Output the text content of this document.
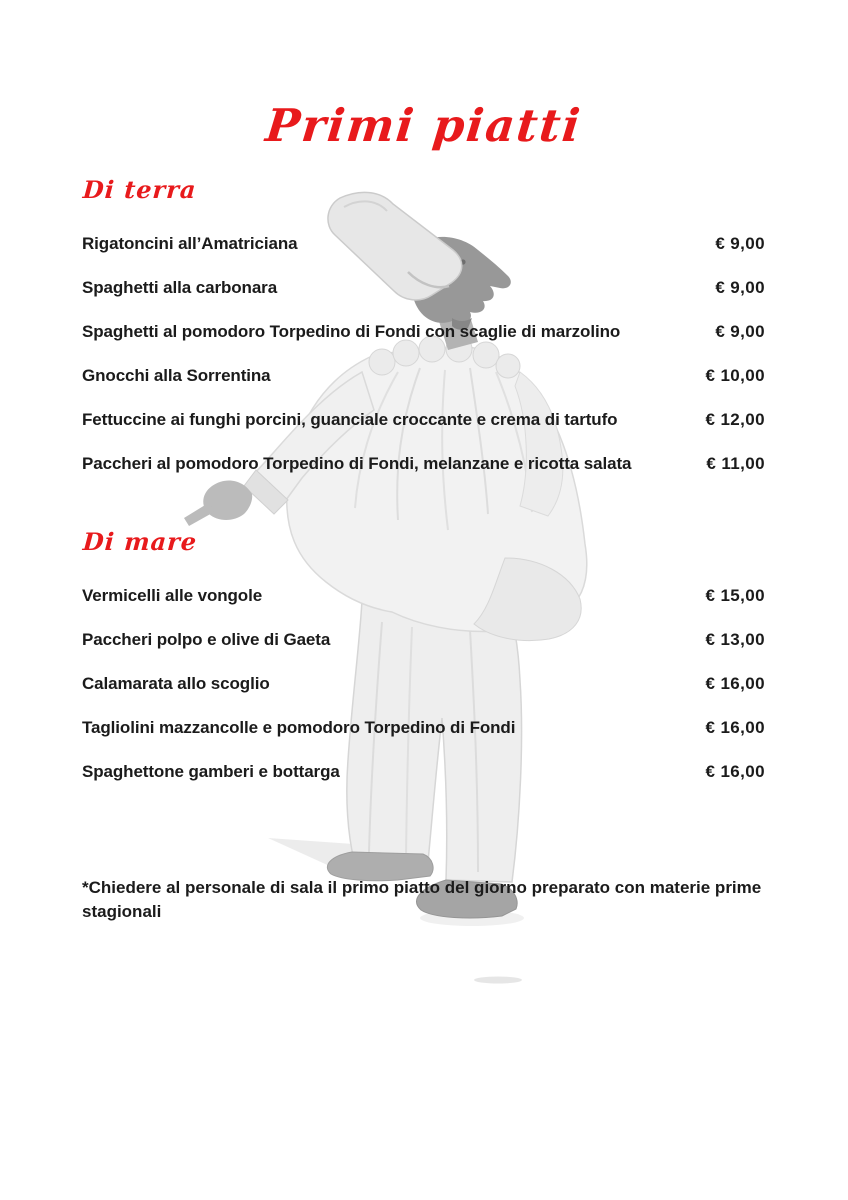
Primi piatti
Di terra
Rigatoncini all’Amatriciana	€ 9,00
Spaghetti alla carbonara	€ 9,00
Spaghetti al pomodoro Torpedino di Fondi con scaglie di marzolino	€ 9,00
Gnocchi alla Sorrentina	€ 10,00
Fettuccine ai funghi porcini, guanciale croccante e crema di tartufo	€ 12,00
Paccheri al pomodoro Torpedino di Fondi, melanzane e ricotta salata	€ 11,00
Di mare
Vermicelli alle vongole	€ 15,00
Paccheri polpo e olive di Gaeta	€ 13,00
Calamarata allo scoglio	€ 16,00
Tagliolini mazzancolle e pomodoro Torpedino di Fondi	€ 16,00
Spaghettone gamberi e bottarga	€ 16,00
*Chiedere al personale di sala il primo piatto del giorno preparato con materie prime
stagionali
